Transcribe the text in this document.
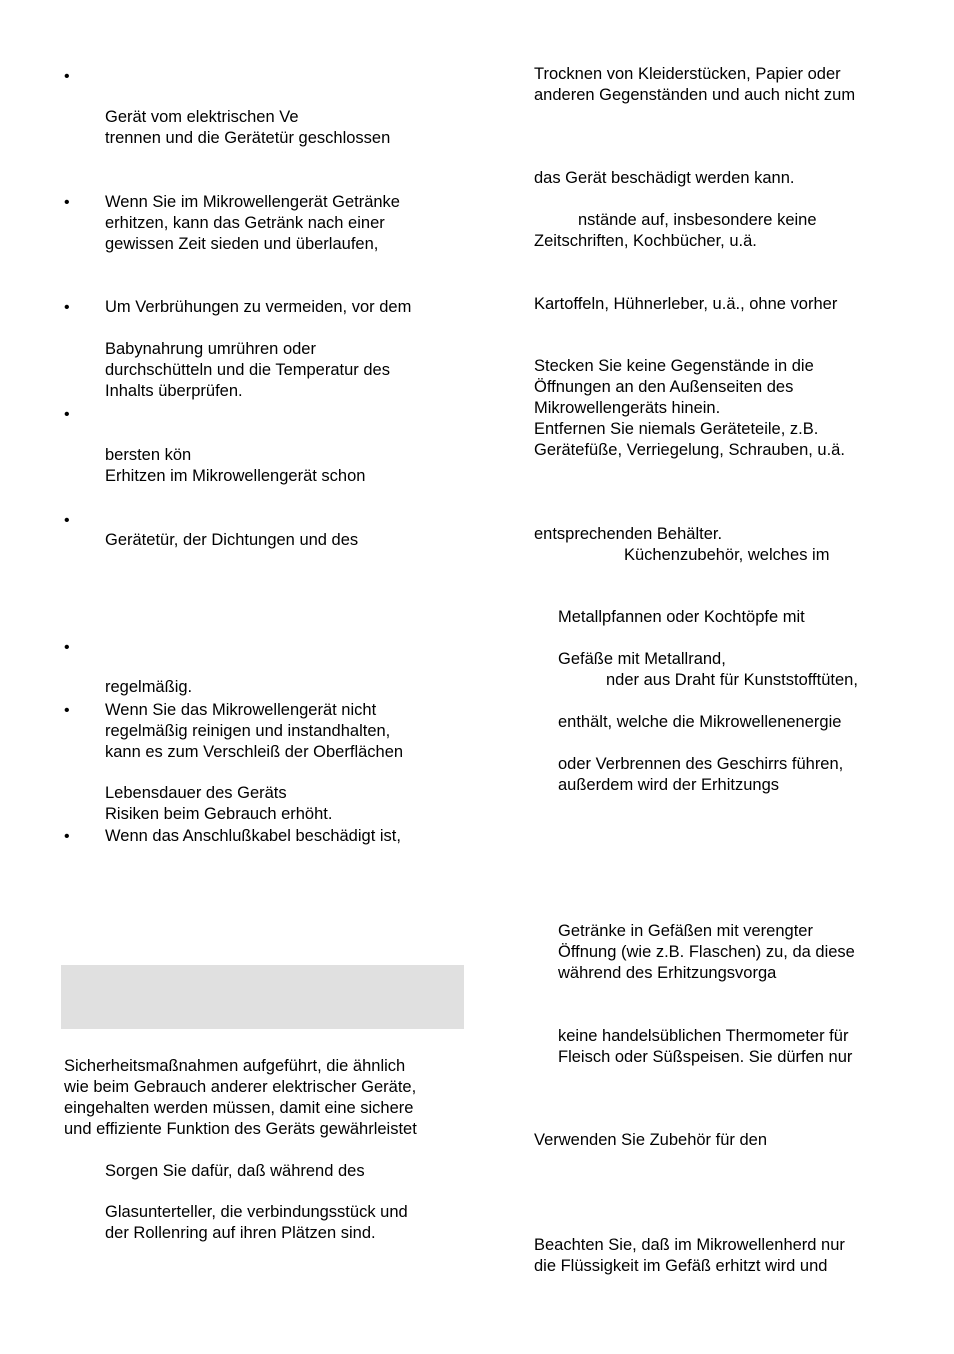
•
•
•
•
•
•
•
•
Gerät vom elektrischen Ve
trennen und die Gerätetür geschlossen
Wenn Sie im Mikrowellengerät Getränke
erhitzen, kann das Getränk nach einer
gewissen Zeit sieden und überlaufen,
Um Verbrühungen zu vermeiden, vor dem
Babynahrung umrühren oder
durchschütteln und die Temperatur des
Inhalts überprüfen.
bersten kön
Erhitzen im Mikrowellengerät schon
Gerätetür, der Dichtungen und des
regelmäßig.
Wenn Sie das Mikrowellengerät nicht
regelmäßig reinigen und instandhalten,
kann es zum Verschleiß der Oberflächen
Lebensdauer des Geräts
Risiken beim Gebrauch erhöht.
Wenn das Anschlußkabel beschädigt ist,
Sicherheitsmaßnahmen aufgeführt, die ähnlich
wie beim Gebrauch anderer elektrischer Geräte,
eingehalten werden müssen, damit eine sichere
und effiziente Funktion des Geräts gewährleistet
Sorgen Sie dafür, daß während des
Glasunterteller, die verbindungsstück und
der Rollenring auf ihren Plätzen sind.
Trocknen von Kleiderstücken, Papier oder
anderen Gegenständen und auch nicht zum
das Gerät beschädigt werden kann.
nstände auf, insbesondere keine
Zeitschriften, Kochbücher, u.ä.
Kartoffeln, Hühnerleber, u.ä., ohne vorher
Stecken Sie keine Gegenstände in die
Öffnungen an den Außenseiten des
Mikrowellengeräts hinein.
Entfernen Sie niemals Geräteteile, z.B.
Gerätefüße, Verriegelung, Schrauben, u.ä.
entsprechenden Behälter.
Küchenzubehör, welches im
Metallpfannen oder Kochtöpfe mit
Gefäße mit Metallrand,
nder aus Draht für Kunststofftüten,
enthält, welche die Mikrowellenenergie
oder Verbrennen des Geschirrs führen,
außerdem wird der Erhitzungs
Getränke in Gefäßen mit verengter
Öffnung (wie z.B. Flaschen) zu, da diese
während des Erhitzungsvorga
keine handelsüblichen Thermometer für
Fleisch oder Süßspeisen. Sie dürfen nur
Verwenden Sie Zubehör für den
Beachten Sie, daß im Mikrowellenherd nur
die Flüssigkeit im Gefäß erhitzt wird und
